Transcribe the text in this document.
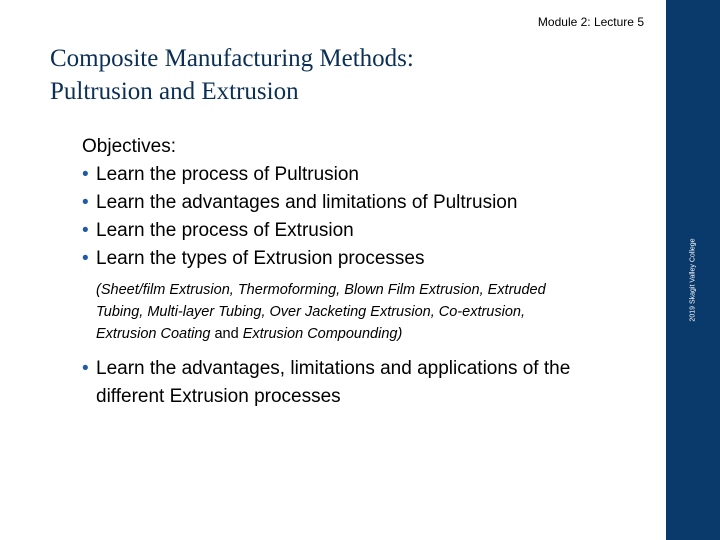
2019 Skagit Valley College
Module 2: Lecture 5
Composite Manufacturing Methods:
Pultrusion and Extrusion
Objectives:
• Learn the process of Pultrusion
• Learn the advantages and limitations of Pultrusion
• Learn the process of Extrusion
• Learn the types of Extrusion processes
(Sheet/film Extrusion, Thermoforming, Blown Film Extrusion, Extruded Tubing, Multi-layer Tubing, Over Jacketing Extrusion, Co-extrusion, Extrusion Coating and Extrusion Compounding)
• Learn the advantages, limitations and applications of the different Extrusion processes
